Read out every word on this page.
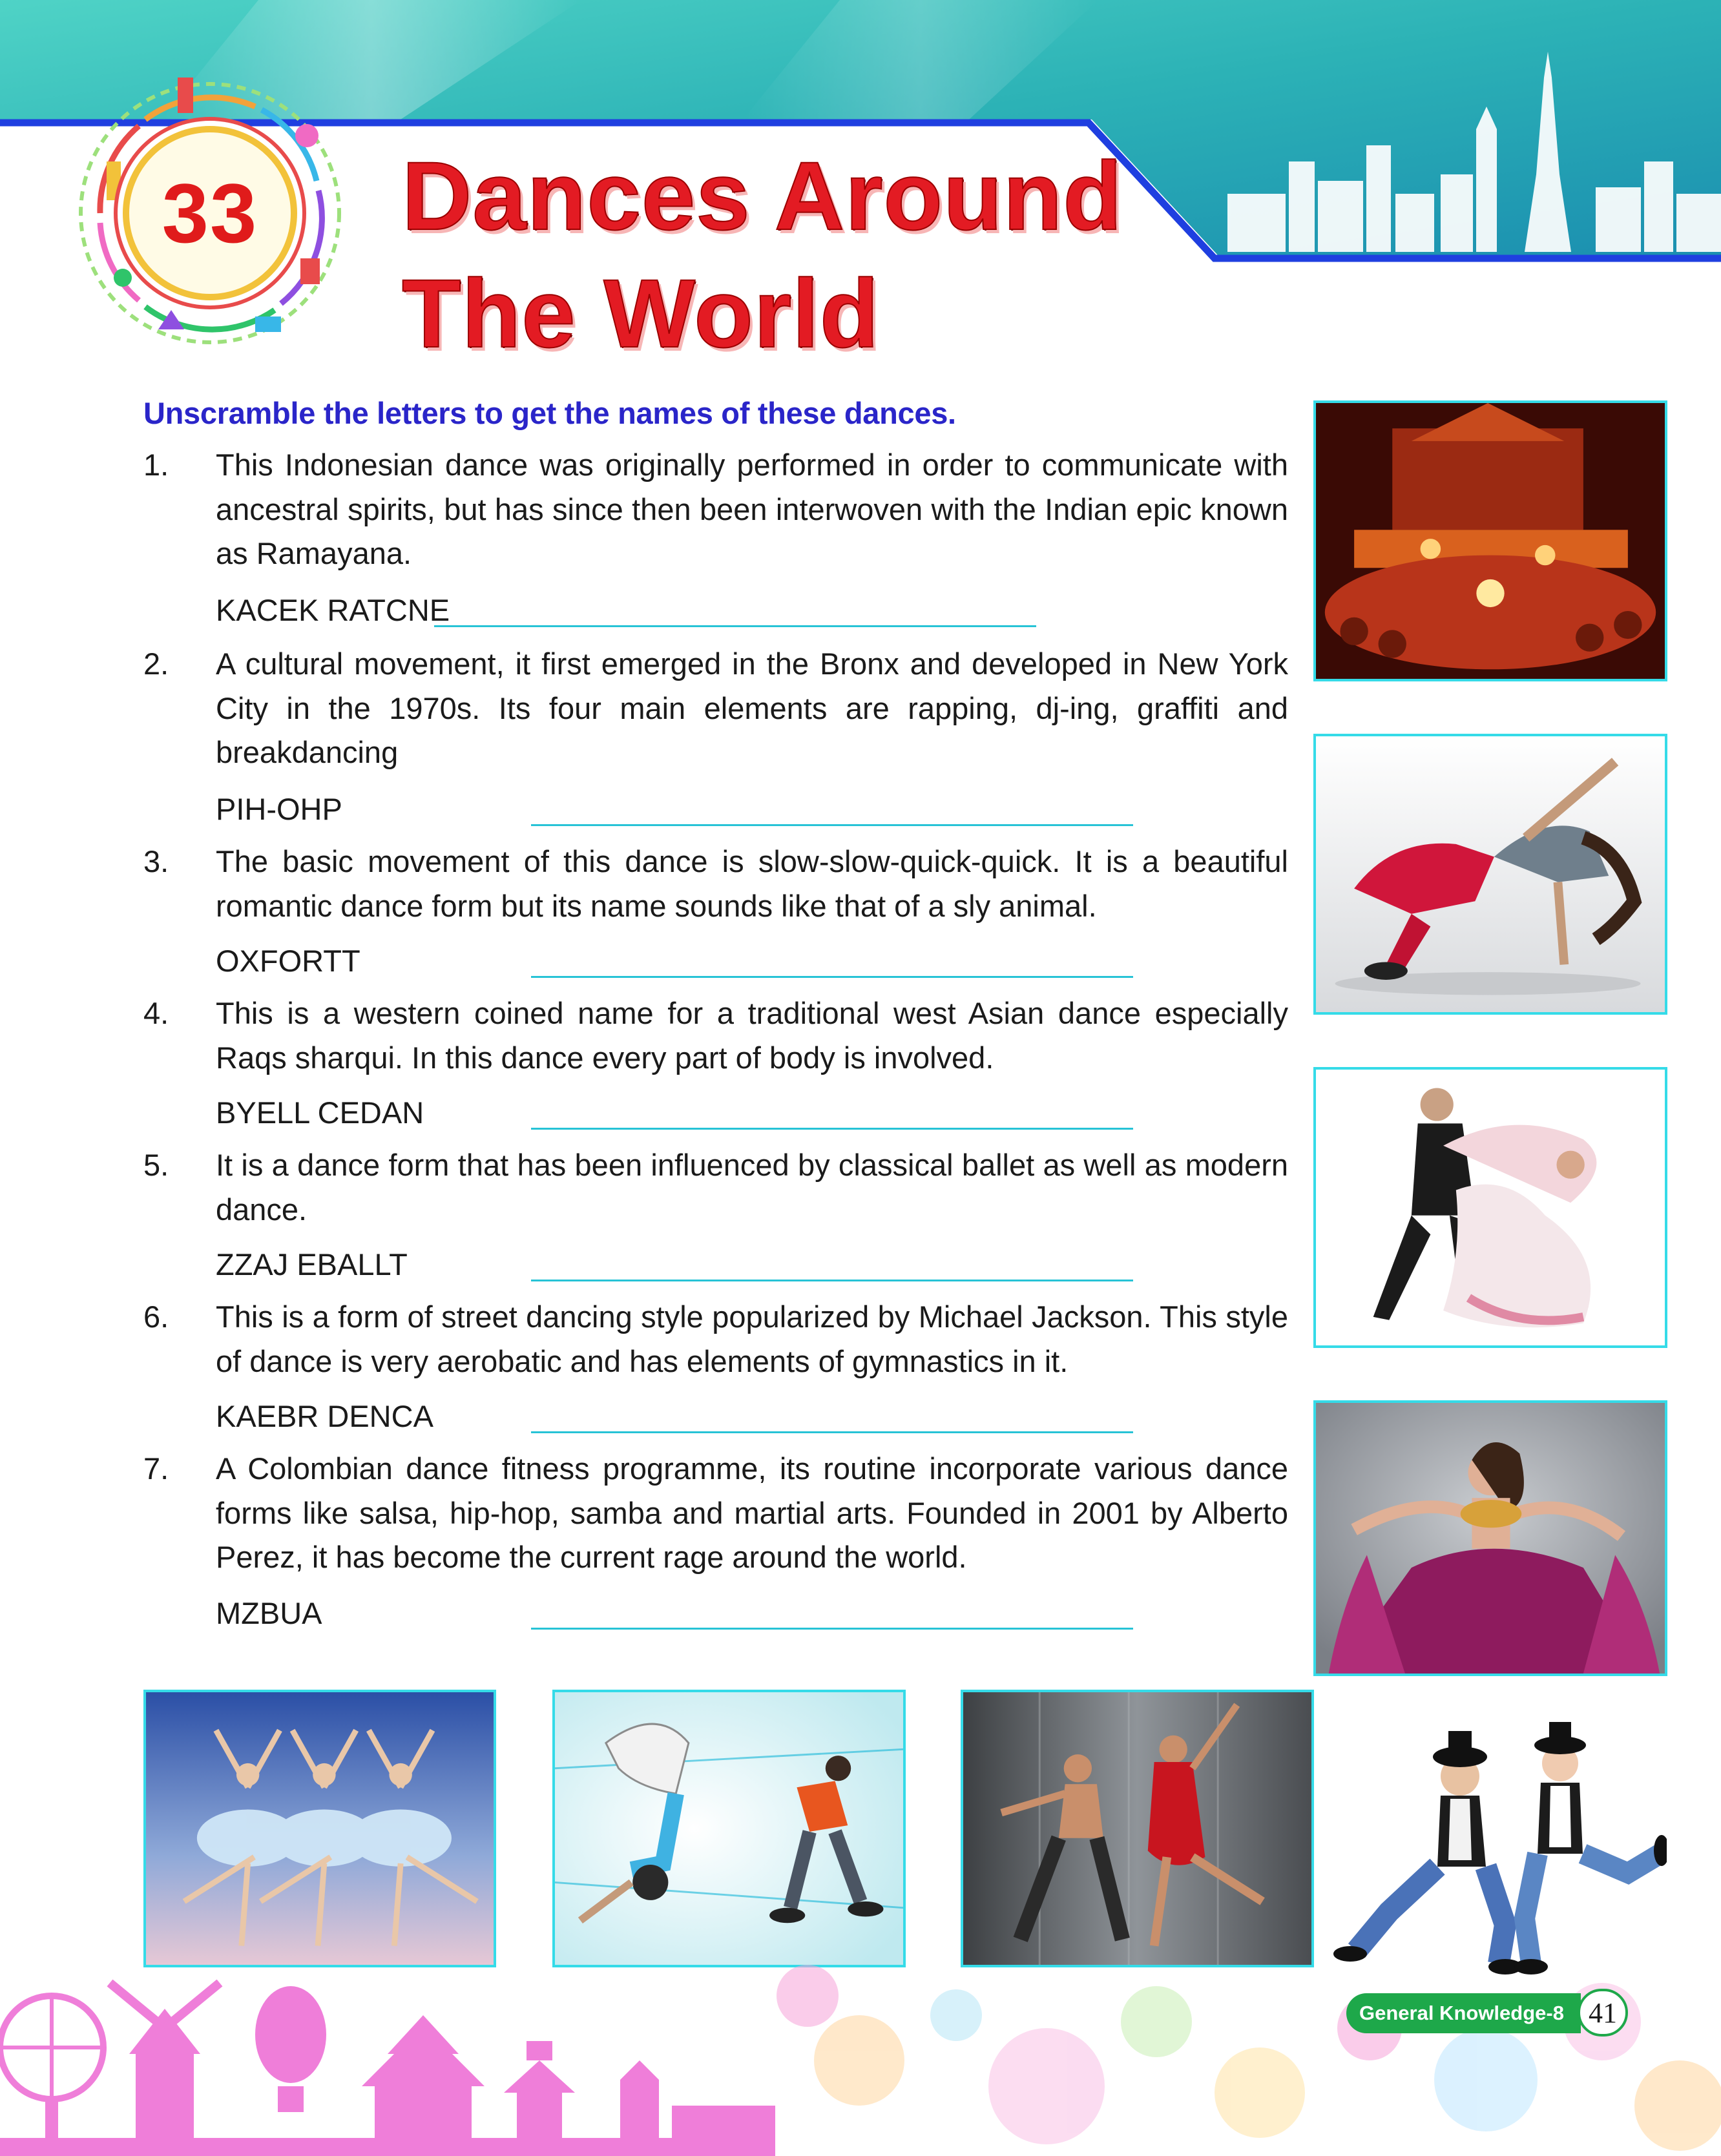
33 Dances Around
The World
Unscramble the letters to get the names of these dances.
1. This Indonesian dance was originally performed in order to communicate with ancestral spirits, but has since then been interwoven with the Indian epic known as Ramayana.
KACEK RATCNE
2. A cultural movement, it first emerged in the Bronx and developed in New York City in the 1970s. Its four main elements are rapping, dj-ing, graffiti and breakdancing
PIH-OHP
3. The basic movement of this dance is slow-slow-quick-quick. It is a beautiful romantic dance form but its name sounds like that of a sly animal.
OXFORTT
4. This is a western coined name for a traditional west Asian dance especially Raqs sharqui. In this dance every part of body is involved.
BYELL CEDAN
5. It is a dance form that has been influenced by classical ballet as well as modern dance.
ZZAJ EBALLT
6. This is a form of street dancing style popularized by Michael Jackson. This style of dance is very aerobatic and has elements of gymnastics in it.
KAEBR DENCA
7. A Colombian dance fitness programme, its routine incorporate various dance forms like salsa, hip-hop, samba and martial arts. Founded in 2001 by Alberto Perez, it has become the current rage around the world.
MZBUA
General Knowledge-8 41
